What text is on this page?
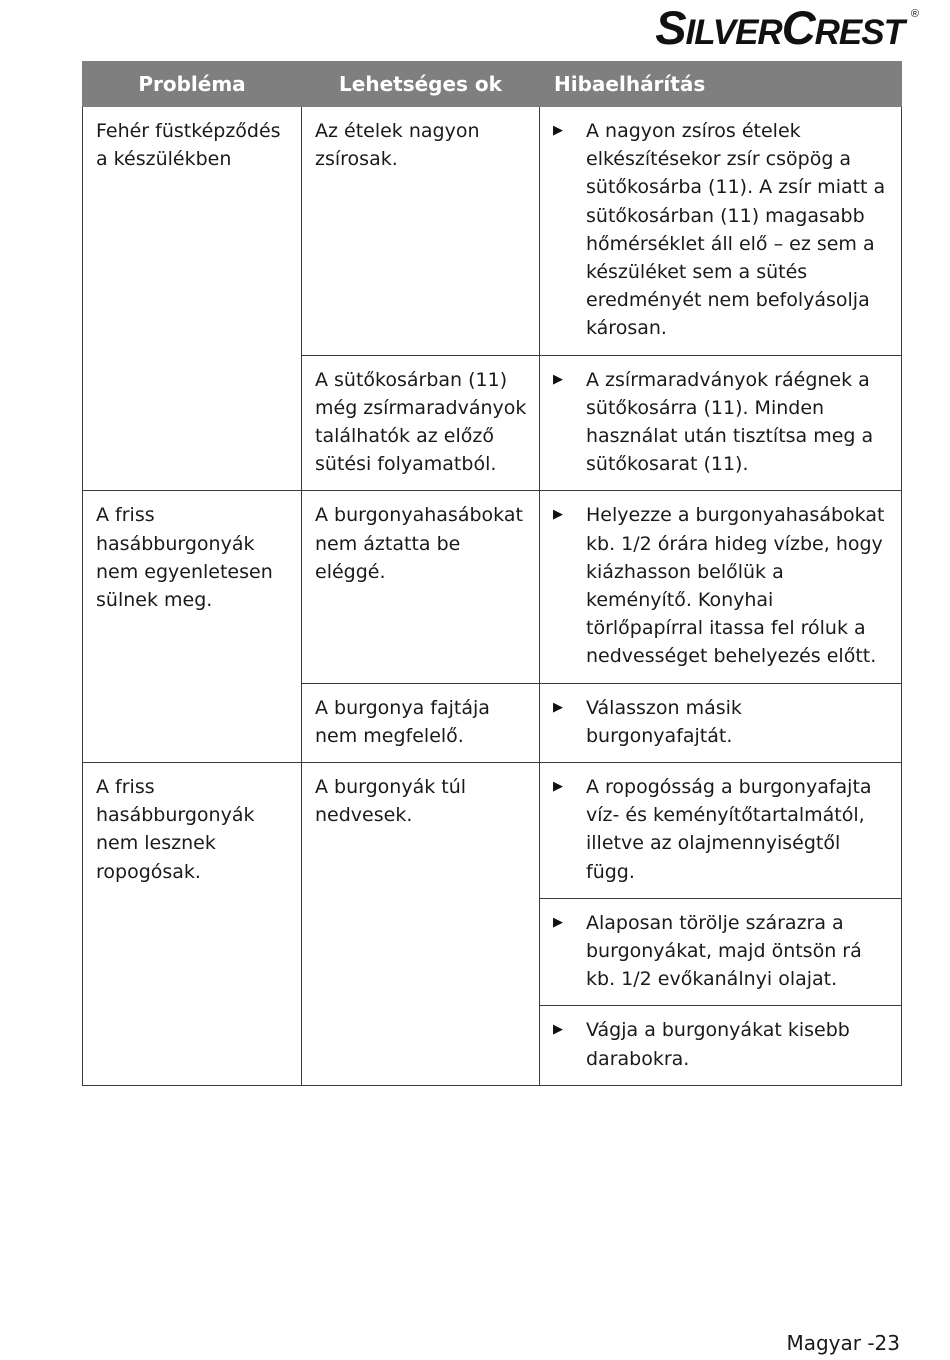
SILVERCREST ®
Probléma	Lehetséges ok	Hibaelhárítás
Fehér füstképződés a készülékben	Az ételek nagyon zsírosak.	▶ A nagyon zsíros ételek elkészítésekor zsír csöpög a sütőkosárba (11). A zsír miatt a sütőkosárban (11) magasabb hőmérséklet áll elő – ez sem a készüléket sem a sütés eredményét nem befolyásolja károsan.

	A sütőkosárban (11) még zsírmaradványok találhatók az előző sütési folyamatból.	▶ A zsírmaradványok ráégnek a sütőkosárra (11). Minden használat után tisztítsa meg a sütőkosarat (11).

A friss hasábburgonyák nem egyenletesen sülnek meg.	A burgonyahasábokat nem áztatta be eléggé.	▶ Helyezze a burgonyahasábokat kb. 1/2 órára hideg vízbe, hogy kiázhasson belőlük a keményítő. Konyhai törlőpapírral itassa fel róluk a nedvességet behelyezés előtt.

	A burgonya fajtája nem megfelelő.	▶ Válasszon másik burgonyafajtát.

A friss hasábburgonyák nem lesznek ropogósak.	A burgonyák túl nedvesek.	▶ A ropogósság a burgonyafajta víz- és keményítőtartalmától, illetve az olajmennyiségtől függ.

		▶ Alaposan törölje szárazra a burgonyákat, majd öntsön rá kb. 1/2 evőkanálnyi olajat.

		▶ Vágja a burgonyákat kisebb darabokra.
Magyar -23
